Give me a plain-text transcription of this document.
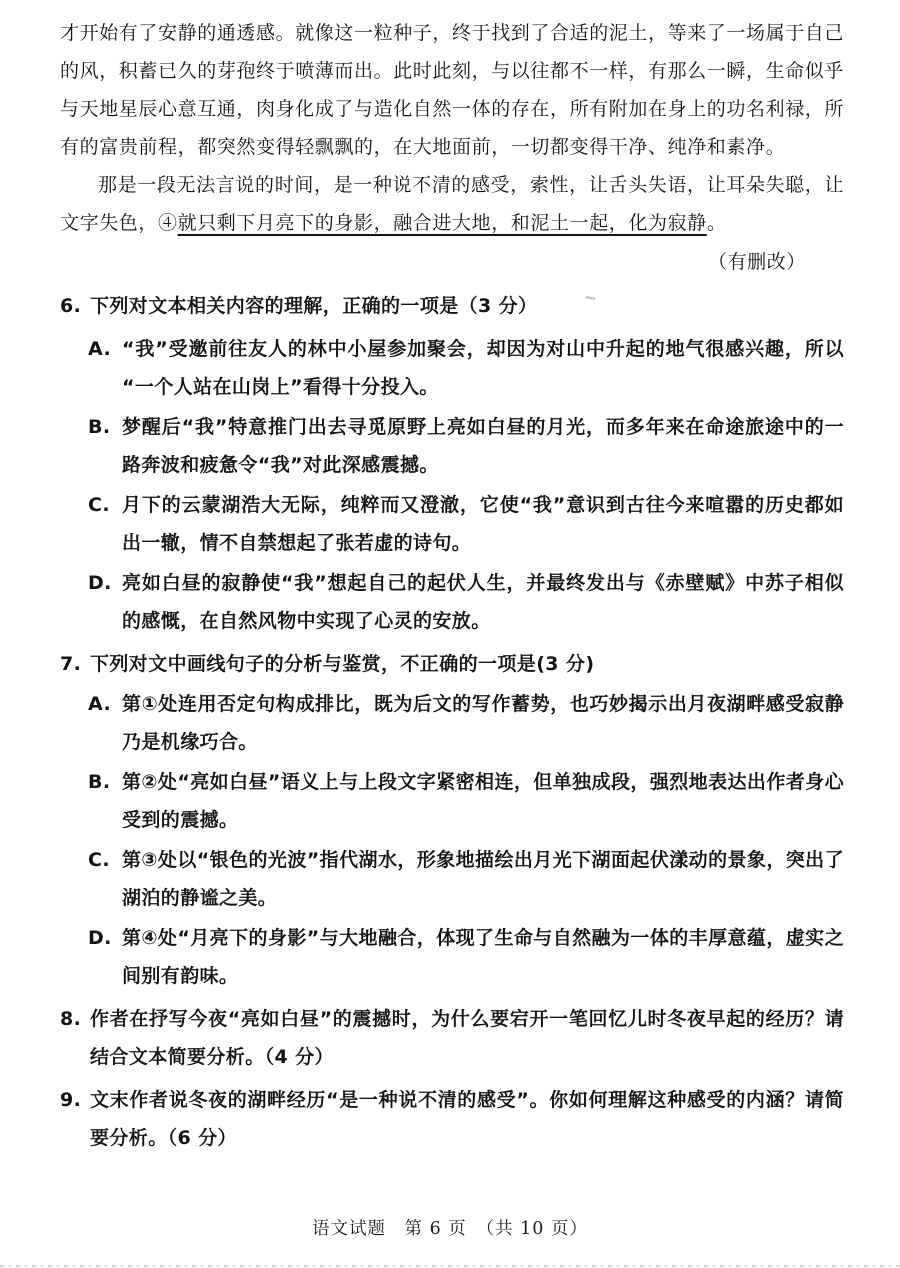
才开始有了安静的通透感。就像这一粒种子，终于找到了合适的泥土，等来了一场属于自己的风，积蓄已久的芽孢终于喷薄而出。此时此刻，与以往都不一样，有那么一瞬，生命似乎与天地星辰心意互通，肉身化成了与造化自然一体的存在，所有附加在身上的功名利禄，所有的富贵前程，都突然变得轻飘飘的，在大地面前，一切都变得干净、纯净和素净。

那是一段无法言说的时间，是一种说不清的感受，索性，让舌头失语，让耳朵失聪，让文字失色，④就只剩下月亮下的身影，融合进大地，和泥土一起，化为寂静。

（有删改）

6. 下列对文本相关内容的理解，正确的一项是（3 分）	⁗
A. “我”受邀前往友人的林中小屋参加聚会，却因为对山中升起的地气很感兴趣，所以“一个人站在山岗上”看得十分投入。
B. 梦醒后“我”特意推门出去寻觅原野上亮如白昼的月光，而多年来在命途旅途中的一路奔波和疲惫令“我”对此深感震撼。
C. 月下的云蒙湖浩大无际，纯粹而又澄澈，它使“我”意识到古往今来喧嚣的历史都如出一辙，情不自禁想起了张若虚的诗句。
D. 亮如白昼的寂静使“我”想起自己的起伏人生，并最终发出与《赤壁赋》中苏子相似的感慨，在自然风物中实现了心灵的安放。
7. 下列对文中画线句子的分析与鉴赏，不正确的一项是(3 分)
A. 第①处连用否定句构成排比，既为后文的写作蓄势，也巧妙揭示出月夜湖畔感受寂静乃是机缘巧合。
B. 第②处“亮如白昼”语义上与上段文字紧密相连，但单独成段，强烈地表达出作者身心受到的震撼。
C. 第③处以“银色的光波”指代湖水，形象地描绘出月光下湖面起伏漾动的景象，突出了湖泊的静谧之美。
D. 第④处“月亮下的身影”与大地融合，体现了生命与自然融为一体的丰厚意蕴，虚实之间别有韵味。
8. 作者在抒写今夜“亮如白昼”的震撼时，为什么要宕开一笔回忆儿时冬夜早起的经历？请结合文本简要分析。（4 分）
9. 文末作者说冬夜的湖畔经历“是一种说不清的感受”。你如何理解这种感受的内涵？请简要分析。（6 分）
语文试题　第 6 页　（共 10 页）
